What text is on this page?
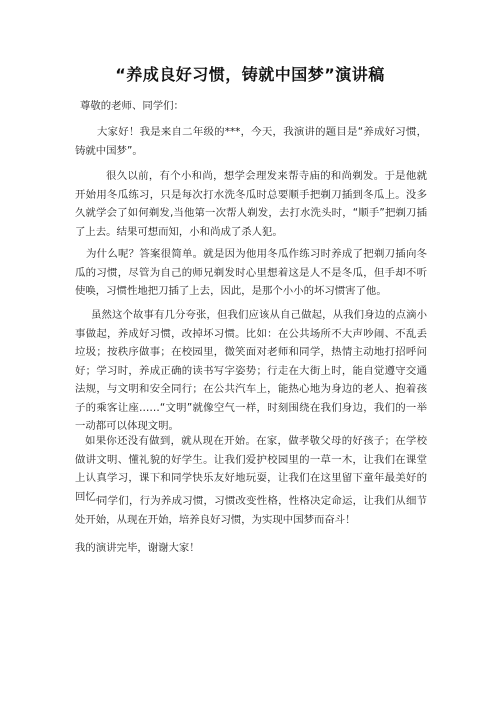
“养成良好习惯，铸就中国梦”演讲稿

尊敬的老师、同学们：

大家好！我是来自二年级的***，今天，我演讲的题目是“养成好习惯，铸就中国梦”。

很久以前，有个小和尚，想学会理发来帮寺庙的和尚剃发。于是他就开始用冬瓜练习，只是每次打水洗冬瓜时总要顺手把剃刀插到冬瓜上。没多久就学会了如何剃发,当他第一次帮人剃发，去打水洗头时，“顺手”把剃刀插了上去。结果可想而知，小和尚成了杀人犯。

为什么呢？答案很简单。就是因为他用冬瓜作练习时养成了把剃刀插向冬瓜的习惯，尽管为自己的师兄剃发时心里想着这是人不是冬瓜，但手却不听使唤，习惯性地把刀插了上去，因此，是那个小小的坏习惯害了他。

虽然这个故事有几分夸张，但我们应该从自己做起，从我们身边的点滴小事做起，养成好习惯，改掉坏习惯。比如：在公共场所不大声吵闹、不乱丢垃圾；按秩序做事；在校园里，微笑面对老师和同学，热情主动地打招呼问好；学习时，养成正确的读书写字姿势；行走在大街上时，能自觉遵守交通法规，与文明和安全同行；在公共汽车上，能热心地为身边的老人、抱着孩子的乘客让座……“文明”就像空气一样，时刻围绕在我们身边，我们的一举一动都可以体现文明。

如果你还没有做到，就从现在开始。在家，做孝敬父母的好孩子；在学校做讲文明、懂礼貌的好学生。让我们爱护校园里的一草一木，让我们在课堂上认真学习，课下和同学快乐友好地玩耍，让我们在这里留下童年最美好的回忆。

同学们，行为养成习惯，习惯改变性格，性格决定命运，让我们从细节处开始，从现在开始，培养良好习惯，为实现中国梦而奋斗！

我的演讲完毕，谢谢大家！
